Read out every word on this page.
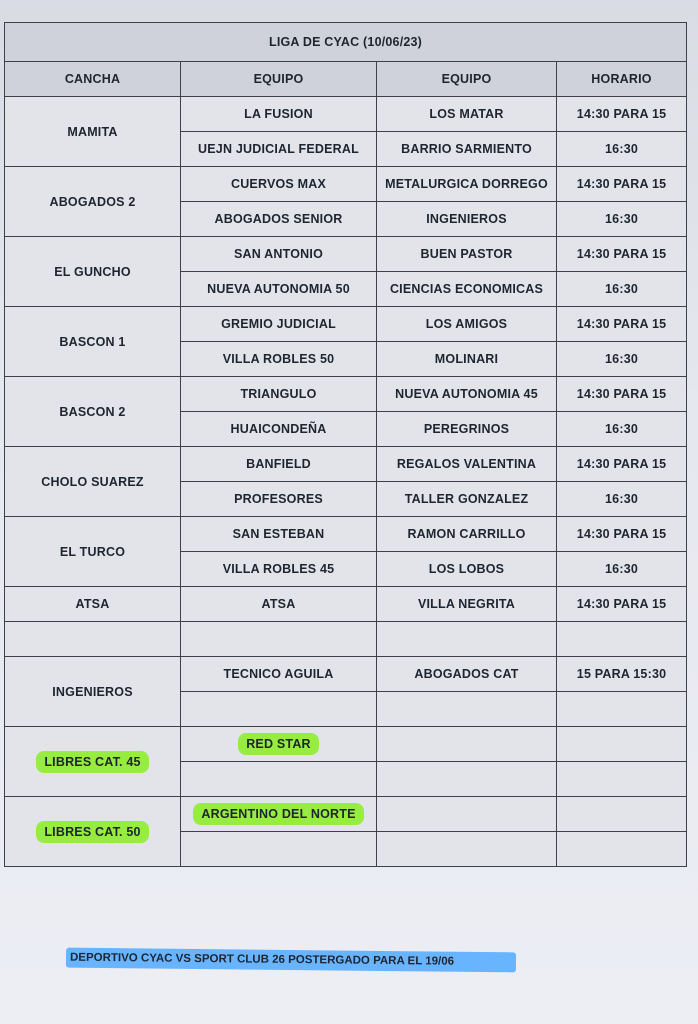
LIGA DE CYAC (10/06/23)			
CANCHA	EQUIPO	EQUIPO	HORARIO
MAMITA	LA FUSION	LOS MATAR	14:30 PARA 15
	UEJN JUDICIAL FEDERAL	BARRIO SARMIENTO	16:30
ABOGADOS 2	CUERVOS MAX	METALURGICA DORREGO	14:30 PARA 15
	ABOGADOS SENIOR	INGENIEROS	16:30
EL GUNCHO	SAN ANTONIO	BUEN PASTOR	14:30 PARA 15
	NUEVA AUTONOMIA 50	CIENCIAS ECONOMICAS	16:30
BASCON 1	GREMIO JUDICIAL	LOS AMIGOS	14:30 PARA 15
	VILLA ROBLES 50	MOLINARI	16:30
BASCON 2	TRIANGULO	NUEVA AUTONOMIA 45	14:30 PARA 15
	HUAICONDEÑA	PEREGRINOS	16:30
CHOLO SUAREZ	BANFIELD	REGALOS VALENTINA	14:30 PARA 15
	PROFESORES	TALLER GONZALEZ	16:30
EL TURCO	SAN ESTEBAN	RAMON CARRILLO	14:30 PARA 15
	VILLA ROBLES 45	LOS LOBOS	16:30
ATSA	ATSA	VILLA NEGRITA	14:30 PARA 15

INGENIEROS	TECNICO AGUILA	ABOGADOS CAT	15 PARA 15:30

LIBRES CAT. 45	RED STAR		

LIBRES CAT. 50	ARGENTINO DEL NORTE		

DEPORTIVO CYAC VS SPORT CLUB 26 POSTERGADO PARA EL 19/06
